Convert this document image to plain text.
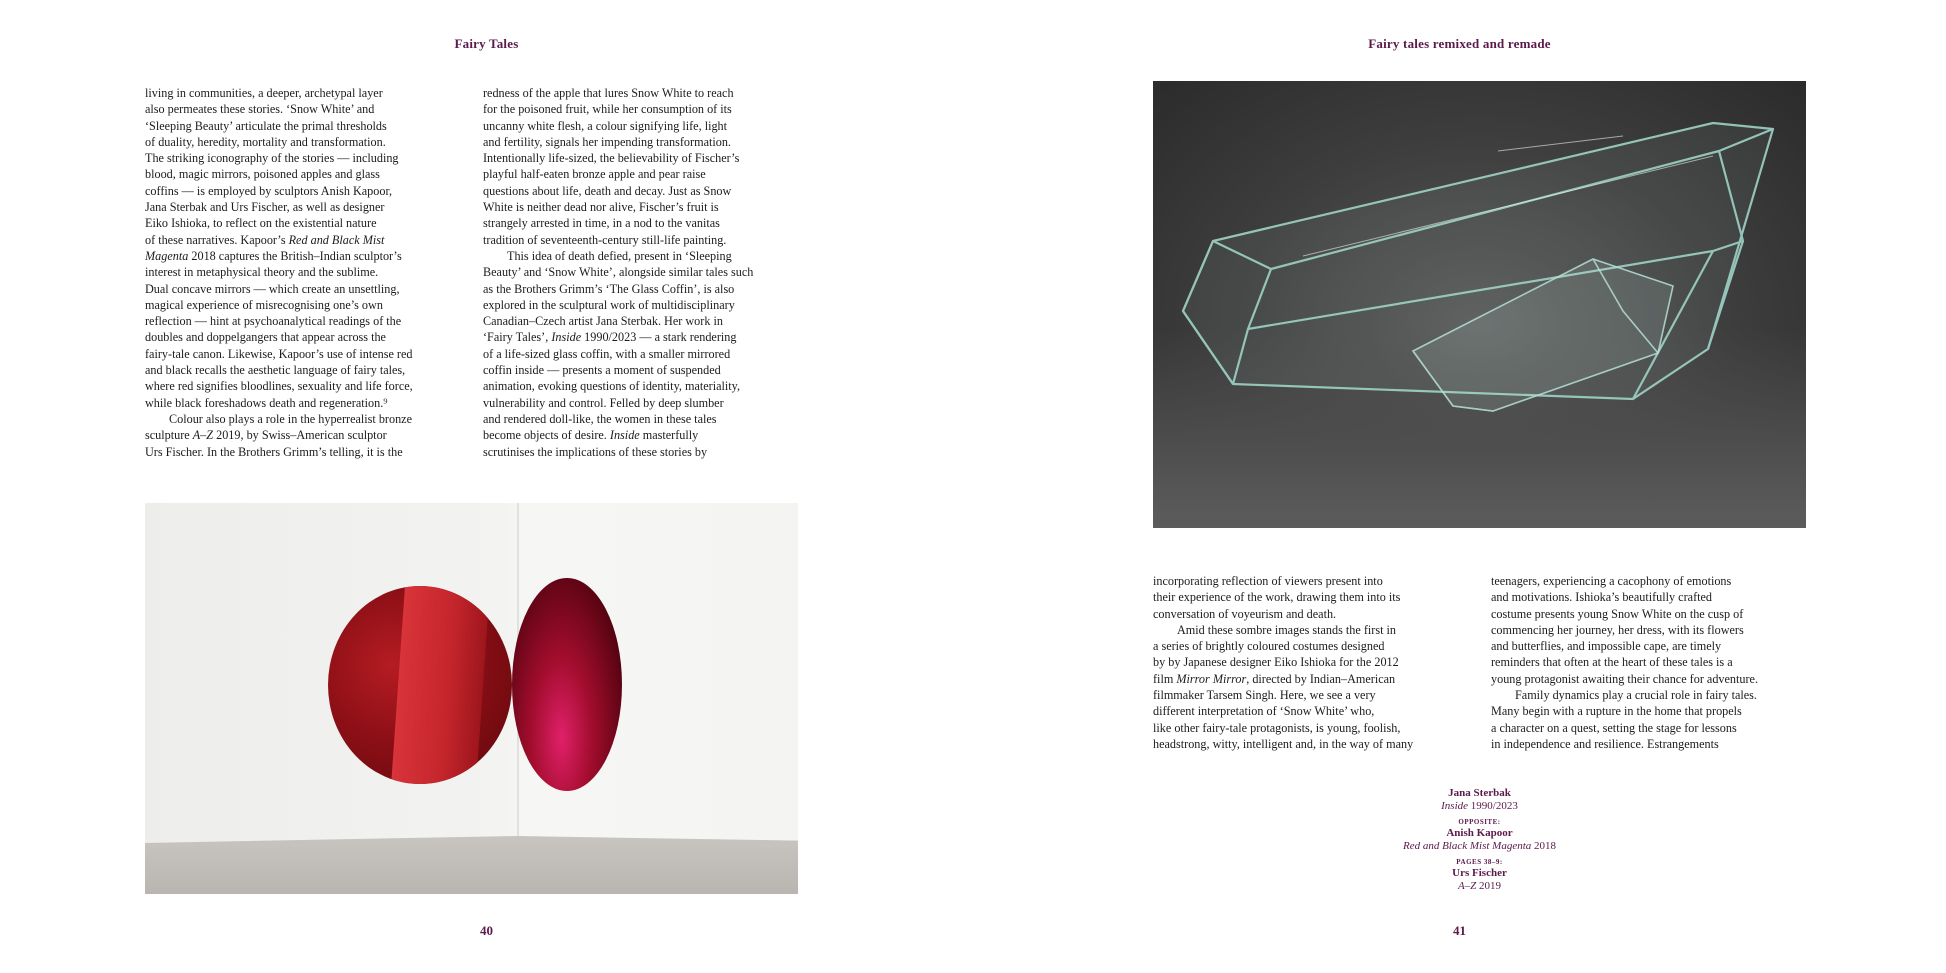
Fairy Tales

living in communities, a deeper, archetypal layer
also permeates these stories. ‘Snow White’ and
‘Sleeping Beauty’ articulate the primal thresholds
of duality, heredity, mortality and transformation.
The striking iconography of the stories — including
blood, magic mirrors, poisoned apples and glass
coffins — is employed by sculptors Anish Kapoor,
Jana Sterbak and Urs Fischer, as well as designer
Eiko Ishioka, to reflect on the existential nature
of these narratives. Kapoor’s Red and Black Mist
Magenta 2018 captures the British–Indian sculptor’s
interest in metaphysical theory and the sublime.
Dual concave mirrors — which create an unsettling,
magical experience of misrecognising one’s own
reflection — hint at psychoanalytical readings of the
doubles and doppelgangers that appear across the
fairy-tale canon. Likewise, Kapoor’s use of intense red
and black recalls the aesthetic language of fairy tales,
where red signifies bloodlines, sexuality and life force,
while black foreshadows death and regeneration.⁹

Colour also plays a role in the hyperrealist bronze

sculpture A–Z 2019, by Swiss–American sculptor
Urs Fischer. In the Brothers Grimm’s telling, it is the

redness of the apple that lures Snow White to reach
for the poisoned fruit, while her consumption of its
uncanny white flesh, a colour signifying life, light
and fertility, signals her impending transformation.
Intentionally life-sized, the believability of Fischer’s
playful half-eaten bronze apple and pear raise
questions about life, death and decay. Just as Snow
White is neither dead nor alive, Fischer’s fruit is
strangely arrested in time, in a nod to the vanitas
tradition of seventeenth-century still-life painting.

This idea of death defied, present in ‘Sleeping

Beauty’ and ‘Snow White’, alongside similar tales such
as the Brothers Grimm’s ‘The Glass Coffin’, is also
explored in the sculptural work of multidisciplinary
Canadian–Czech artist Jana Sterbak. Her work in
‘Fairy Tales’, Inside 1990/2023 — a stark rendering
of a life-sized glass coffin, with a smaller mirrored
coffin inside — presents a moment of suspended
animation, evoking questions of identity, materiality,
vulnerability and control. Felled by deep slumber
and rendered doll-like, the women in these tales
become objects of desire. Inside masterfully
scrutinises the implications of these stories by

40
Fairy tales remixed and remade
41

incorporating reflection of viewers present into
their experience of the work, drawing them into its
conversation of voyeurism and death.

Amid these sombre images stands the first in

a series of brightly coloured costumes designed
by by Japanese designer Eiko Ishioka for the 2012
film Mirror Mirror, directed by Indian–American
filmmaker Tarsem Singh. Here, we see a very
different interpretation of ‘Snow White’ who,
like other fairy-tale protagonists, is young, foolish,
headstrong, witty, intelligent and, in the way of many

teenagers, experiencing a cacophony of emotions
and motivations. Ishioka’s beautifully crafted
costume presents young Snow White on the cusp of
commencing her journey, her dress, with its flowers
and butterflies, and impossible cape, are timely
reminders that often at the heart of these tales is a
young protagonist awaiting their chance for adventure.

Family dynamics play a crucial role in fairy tales.

Many begin with a rupture in the home that propels
a character on a quest, setting the stage for lessons
in independence and resilience. Estrangements

Jana Sterbak
Inside 1990/2023
OPPOSITE:
Anish Kapoor
Red and Black Mist Magenta 2018
PAGES 38–9:
Urs Fischer
A–Z 2019
